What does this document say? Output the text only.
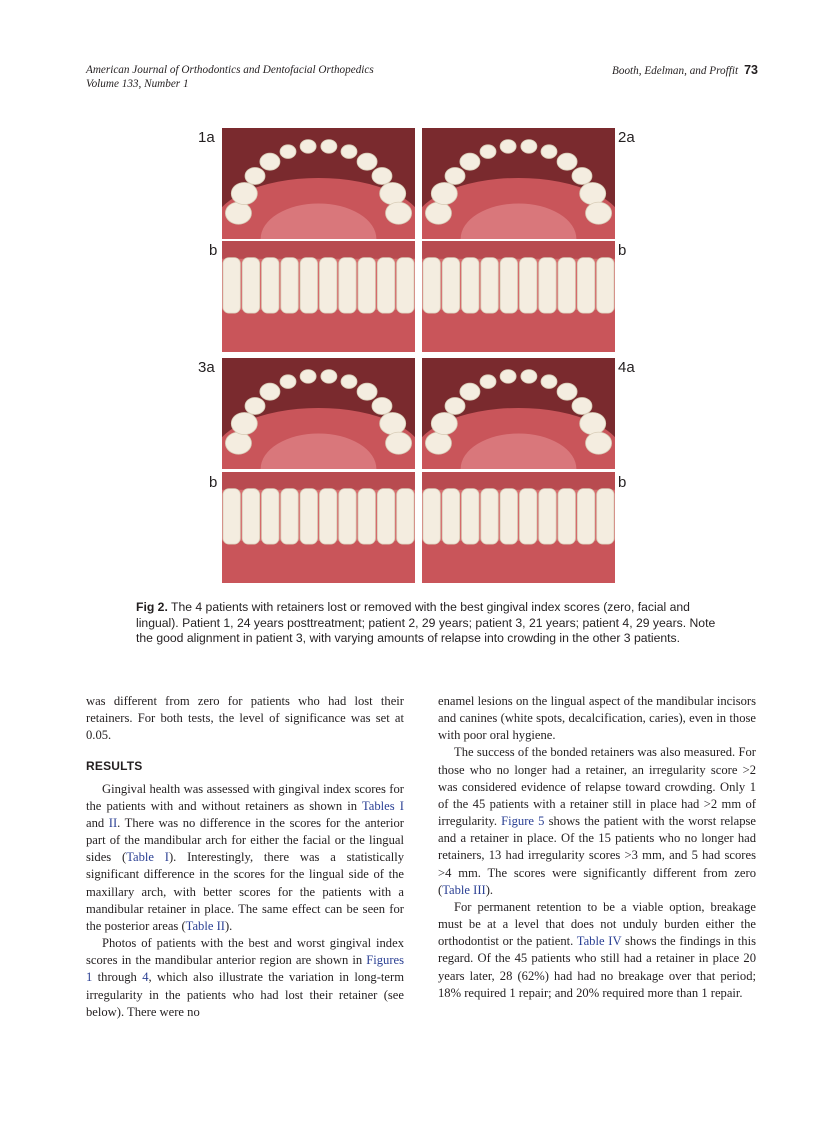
American Journal of Orthodontics and Dentofacial Orthopedics
Volume 133, Number 1
Booth, Edelman, and Proffit 73
1a	2a
b	b
3a	4a
b	b
Fig 2. The 4 patients with retainers lost or removed with the best gingival index scores (zero, facial and lingual). Patient 1, 24 years posttreatment; patient 2, 29 years; patient 3, 21 years; patient 4, 29 years. Note the good alignment in patient 3, with varying amounts of relapse into crowding in the other 3 patients.

was different from zero for patients who had lost their retainers. For both tests, the level of significance was set at 0.05.

RESULTS

Gingival health was assessed with gingival index scores for the patients with and without retainers as shown in Tables I and II. There was no difference in the scores for the anterior part of the mandibular arch for either the facial or the lingual sides (Table I). Interestingly, there was a statistically significant difference in the scores for the lingual side of the maxillary arch, with better scores for the patients with a mandibular retainer in place. The same effect can be seen for the posterior areas (Table II).

Photos of patients with the best and worst gingival index scores in the mandibular anterior region are shown in Figures 1 through 4, which also illustrate the variation in long-term irregularity in the patients who had lost their retainer (see below). There were no

enamel lesions on the lingual aspect of the mandibular incisors and canines (white spots, decalcification, caries), even in those with poor oral hygiene.

The success of the bonded retainers was also measured. For those who no longer had a retainer, an irregularity score >2 was considered evidence of relapse toward crowding. Only 1 of the 45 patients with a retainer still in place had >2 mm of irregularity. Figure 5 shows the patient with the worst relapse and a retainer in place. Of the 15 patients who no longer had retainers, 13 had irregularity scores >3 mm, and 5 had scores >4 mm. The scores were significantly different from zero (Table III).

For permanent retention to be a viable option, breakage must be at a level that does not unduly burden either the orthodontist or the patient. Table IV shows the findings in this regard. Of the 45 patients who still had a retainer in place 20 years later, 28 (62%) had had no breakage over that period; 18% required 1 repair; and 20% required more than 1 repair.
